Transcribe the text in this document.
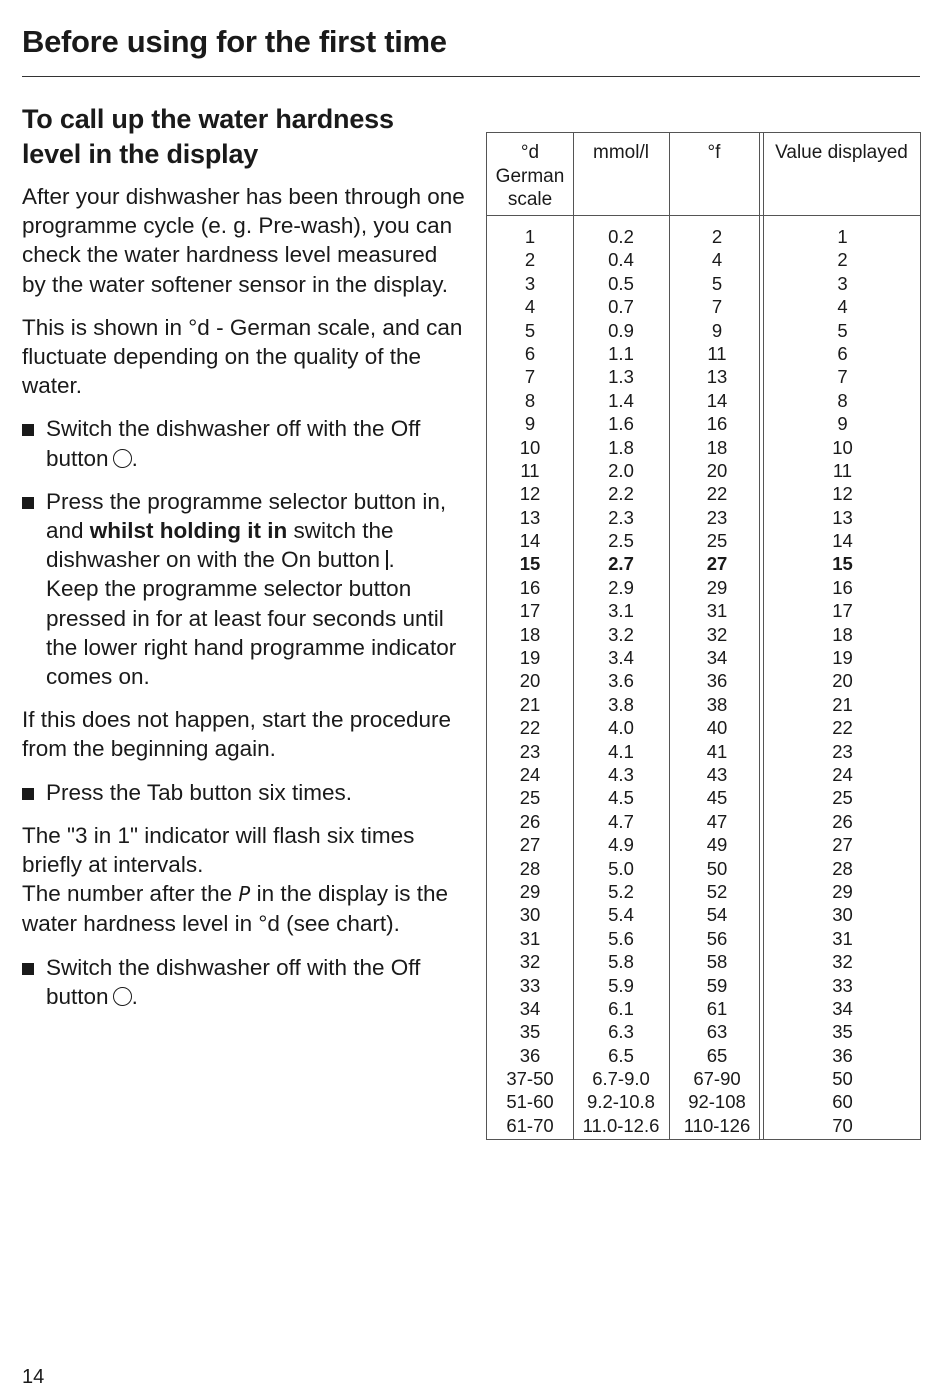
Before using for the first time
To call up the water hardness
level in the display

After your dishwasher has been through one programme cycle (e. g. Pre-wash), you can check the water hardness level measured by the water softener sensor in the display.

This is shown in °d - German scale, and can fluctuate depending on the quality of the water.

Switch the dishwasher off with the Off button .
Press the programme selector button in, and whilst holding it in switch the dishwasher on with the On button .
Keep the programme selector button pressed in for at least four seconds until the lower right hand programme indicator comes on.

If this does not happen, start the procedure from the beginning again.

Press the Tab button six times.

The "3 in 1" indicator will flash six times briefly at intervals.
The number after the P in the display is the water hardness level in °d (see chart).

Switch the dishwasher off with the Off button .
°d
German
scale
mmol/l	°f	Value displayed
1	0.2	2	1
2	0.4	4	2
3	0.5	5	3
4	0.7	7	4
5	0.9	9	5
6	1.1	11	6
7	1.3	13	7
8	1.4	14	8
9	1.6	16	9
10	1.8	18	10
11	2.0	20	11
12	2.2	22	12
13	2.3	23	13
14	2.5	25	14
15	2.7	27	15
16	2.9	29	16
17	3.1	31	17
18	3.2	32	18
19	3.4	34	19
20	3.6	36	20
21	3.8	38	21
22	4.0	40	22
23	4.1	41	23
24	4.3	43	24
25	4.5	45	25
26	4.7	47	26
27	4.9	49	27
28	5.0	50	28
29	5.2	52	29
30	5.4	54	30
31	5.6	56	31
32	5.8	58	32
33	5.9	59	33
34	6.1	61	34
35	6.3	63	35
36	6.5	65	36
37-50	6.7-9.0	67-90	50
51-60	9.2-10.8	92-108	60
61-70	11.0-12.6	110-126	70
14
